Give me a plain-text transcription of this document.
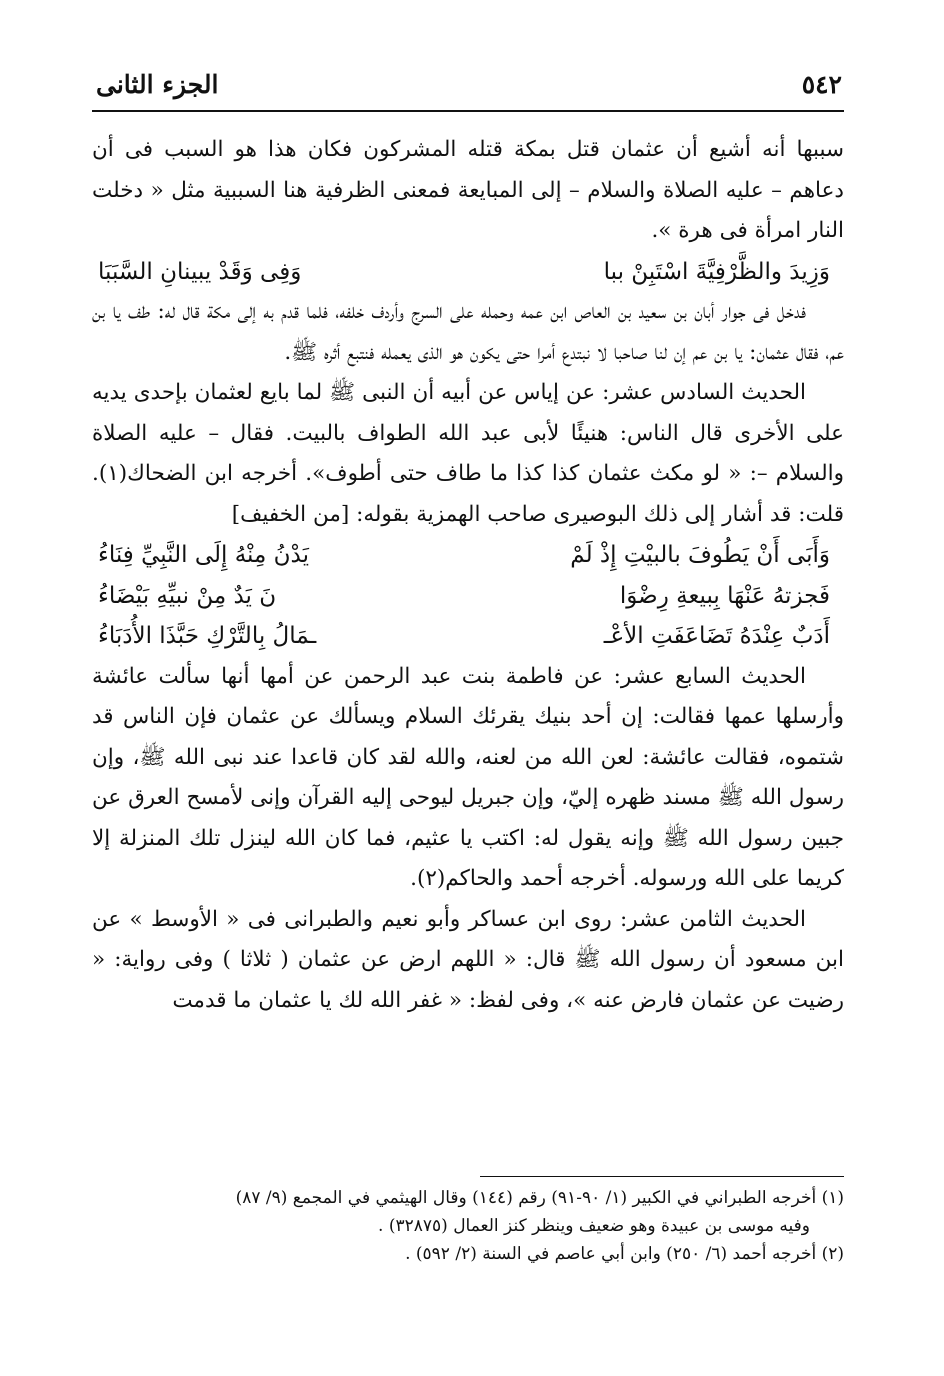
٥٤٢
الجزء الثانى

سببها أنه أشيع أن عثمان قتل بمكة قتله المشركون فكان هذا هو السبب فى أن دعاهم – عليه الصلاة والسلام – إلى المبايعة فمعنى الظرفية هنا السببية مثل « دخلت النار امرأة فى هرة ».

وَزِيدَ والظَّرْفِيَّةَ اسْتَبِنْ ببا
وَفِى وَقَدْ يبينانِ السَّبَبَا

فدخل فى جوار أبان بن سعيد بن العاص ابن عمه وحمله على السرج وأردف خلفه، فلما قدم به إلى مكة قال له: طف يا بن عم، فقال عثمان: يا بن عم إن لنا صاحبا لا نبتدع أمرا حتى يكون هو الذى يعمله فنتبع أثره ﷺ.

الحديث السادس عشر: عن إياس عن أبيه أن النبى ﷺ لما بايع لعثمان بإحدى يديه على الأخرى قال الناس: هنيئًا لأبى عبد الله الطواف بالبيت. فقال – عليه الصلاة والسلام –: « لو مكث عثمان كذا كذا ما طاف حتى أطوف». أخرجه ابن الضحاك(١). قلت: قد أشار إلى ذلك البوصيرى صاحب الهمزية بقوله: [من الخفيف]

وَأَبَى أَنْ يَطُوفَ بالبيْتِ إِذْ لَمْ
يَدْنُ مِنْهُ إِلَى النَّبِيِّ فِنَاءُ
فَجزتهُ عَنْهَا بِبيعةِ رِضْوَا
نَ يَدٌ مِنْ نبيِّهِ بَيْضَاءُ
أَدَبٌ عِنْدَهُ تَضَاعَفَتِ الأعْـ
ـمَالُ بِالتَّرْكِ حَبَّذَا الأُدَبَاءُ

الحديث السابع عشر: عن فاطمة بنت عبد الرحمن عن أمها أنها سألت عائشة وأرسلها عمها فقالت: إن أحد بنيك يقرئك السلام ويسألك عن عثمان فإن الناس قد شتموه، فقالت عائشة: لعن الله من لعنه، والله لقد كان قاعدا عند نبى الله ﷺ، وإن رسول الله ﷺ مسند ظهره إليّ، وإن جبريل ليوحى إليه القرآن وإنى لأمسح العرق عن جبين رسول الله ﷺ وإنه يقول له: اكتب يا عثيم، فما كان الله لينزل تلك المنزلة إلا كريما على الله ورسوله. أخرجه أحمد والحاكم(٢).

الحديث الثامن عشر: روى ابن عساكر وأبو نعيم والطبرانى فى « الأوسط » عن ابن مسعود أن رسول الله ﷺ قال: « اللهم ارض عن عثمان ( ثلاثا ) وفى رواية: « رضيت عن عثمان فارض عنه »، وفى لفظ: « غفر الله لك يا عثمان ما قدمت

(١) أخرجه الطبراني في الكبير (١/ ٩٠-٩١) رقم (١٤٤) وقال الهيثمي في المجمع (٩/ ٨٧)

وفيه موسى بن عبيدة وهو ضعيف وينظر كنز العمال (٣٢٨٧٥) .

(٢) أخرجه أحمد (٦/ ٢٥٠) وابن أبي عاصم في السنة (٢/ ٥٩٢) .
